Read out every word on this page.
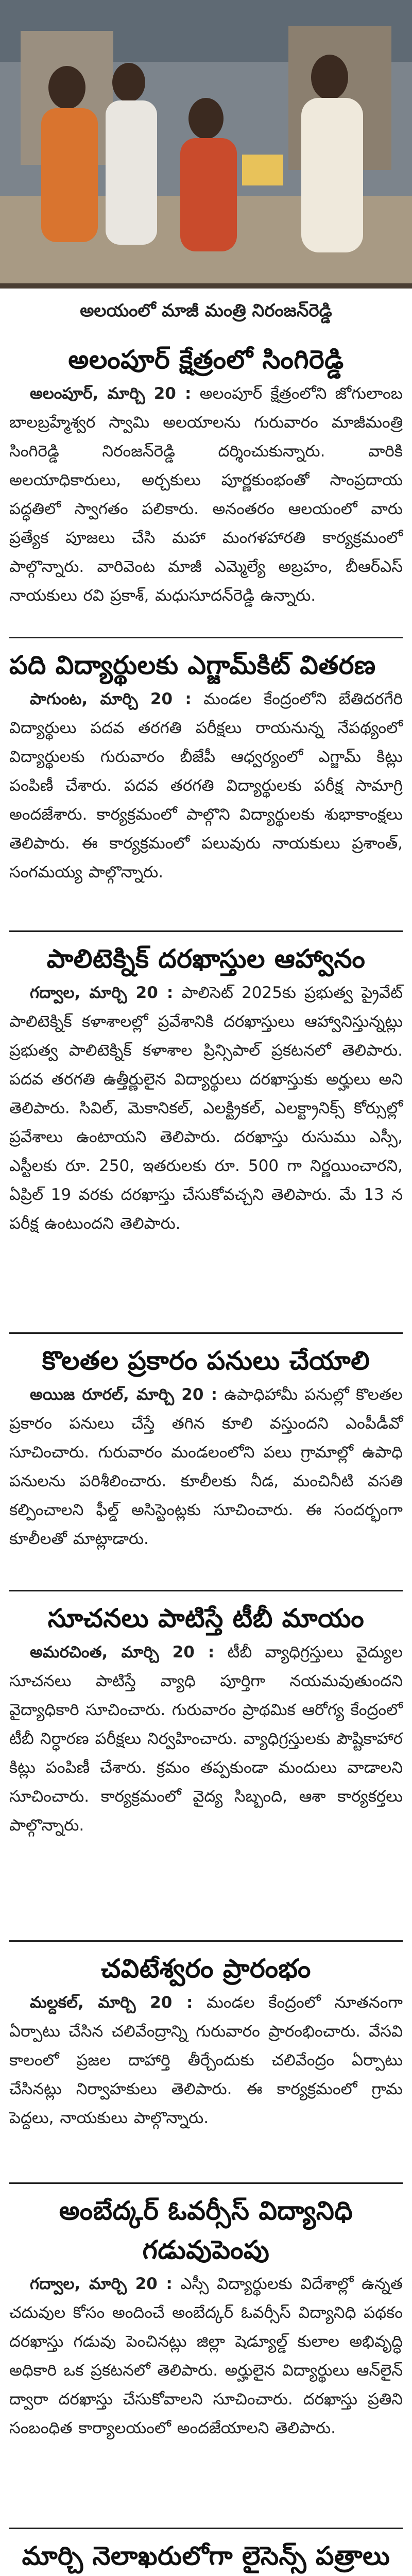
అలయంలో మాజీ మంత్రి నిరంజన్‌రెడ్డి
అలంపూర్ క్షేత్రంలో సింగిరెడ్డి

అలంపూర్, మార్చి 20 : అలంపూర్ క్షేత్రంలోని జోగులాంబ బాలబ్రహ్మేశ్వర స్వామి అలయాలను గురువారం మాజీమంత్రి సింగిరెడ్డి నిరంజన్‌రెడ్డి దర్శించుకున్నారు. వారికి అలయాధికారులు, అర్చకులు పూర్ణకుంభంతో సాంప్రదాయ పద్ధతిలో స్వాగతం పలికారు. అనంతరం ఆలయంలో వారు ప్రత్యేక పూజలు చేసి మహా మంగళహారతి కార్యక్రమంలో పాల్గొన్నారు. వారివెంట మాజీ ఎమ్మెల్యే అబ్రహం, బీఆర్‌ఎస్ నాయకులు రవి ప్రకాశ్, మధుసూదన్‌రెడ్డి ఉన్నారు.

పది విద్యార్థులకు ఎగ్జామ్‌కిట్ వితరణ

పాగుంట, మార్చి 20 : మండల కేంద్రంలోని బేతిదరగేరి విద్యార్థులు పదవ తరగతి పరీక్షలు రాయనున్న నేపథ్యంలో విద్యార్థులకు గురువారం బీజేపీ ఆధ్వర్యంలో ఎగ్జామ్ కిట్లు పంపిణీ చేశారు. పదవ తరగతి విద్యార్థులకు పరీక్ష సామాగ్రి అందజేశారు. కార్యక్రమంలో పాల్గొని విద్యార్థులకు శుభాకాంక్షలు తెలిపారు. ఈ కార్యక్రమంలో పలువురు నాయకులు ప్రశాంత్, సంగమయ్య పాల్గొన్నారు.

పాలిటెక్నిక్ దరఖాస్తుల ఆహ్వానం

గద్వాల, మార్చి 20 : పాలిసెట్ 2025కు ప్రభుత్వ ప్రైవేట్ పాలిటెక్నిక్ కళాశాలల్లో ప్రవేశానికి దరఖాస్తులు ఆహ్వానిస్తున్నట్లు ప్రభుత్వ పాలిటెక్నిక్ కళాశాల ప్రిన్సిపాల్ ప్రకటనలో తెలిపారు. పదవ తరగతి ఉత్తీర్ణులైన విద్యార్థులు దరఖాస్తుకు అర్హులు అని తెలిపారు. సివిల్, మెకానికల్, ఎలక్ట్రికల్, ఎలక్ట్రానిక్స్ కోర్సుల్లో ప్రవేశాలు ఉంటాయని తెలిపారు. దరఖాస్తు రుసుము ఎస్సీ, ఎస్టీలకు రూ. 250, ఇతరులకు రూ. 500 గా నిర్ణయించారని, ఏప్రిల్ 19 వరకు దరఖాస్తు చేసుకోవచ్చని తెలిపారు. మే 13 న పరీక్ష ఉంటుందని తెలిపారు.

కొలతల ప్రకారం పనులు చేయాలి

అయిజ రూరల్, మార్చి 20 : ఉపాధిహామీ పనుల్లో కొలతల ప్రకారం పనులు చేస్తే తగిన కూలి వస్తుందని ఎంపీడీవో సూచించారు. గురువారం మండలంలోని పలు గ్రామాల్లో ఉపాధి పనులను పరిశీలించారు. కూలీలకు నీడ, మంచినీటి వసతి కల్పించాలని ఫీల్డ్ అసిస్టెంట్లకు సూచించారు. ఈ సందర్భంగా కూలీలతో మాట్లాడారు.

సూచనలు పాటిస్తే టీబీ మాయం

అమరచింత, మార్చి 20 : టీబీ వ్యాధిగ్రస్తులు వైద్యుల సూచనలు పాటిస్తే వ్యాధి పూర్తిగా నయమవుతుందని వైద్యాధికారి సూచించారు. గురువారం ప్రాథమిక ఆరోగ్య కేంద్రంలో టీబీ నిర్ధారణ పరీక్షలు నిర్వహించారు. వ్యాధిగ్రస్తులకు పౌష్టికాహార కిట్లు పంపిణీ చేశారు. క్రమం తప్పకుండా మందులు వాడాలని సూచించారు. కార్యక్రమంలో వైద్య సిబ్బంది, ఆశా కార్యకర్తలు పాల్గొన్నారు.

చవిటేశ్వరం ప్రారంభం

మల్దకల్, మార్చి 20 : మండల కేంద్రంలో నూతనంగా ఏర్పాటు చేసిన చలివేంద్రాన్ని గురువారం ప్రారంభించారు. వేసవి కాలంలో ప్రజల దాహార్తి తీర్చేందుకు చలివేంద్రం ఏర్పాటు చేసినట్లు నిర్వాహకులు తెలిపారు. ఈ కార్యక్రమంలో గ్రామ పెద్దలు, నాయకులు పాల్గొన్నారు.

అంబేద్కర్ ఓవర్సీస్ విద్యానిధి గడువుపెంపు

గద్వాల, మార్చి 20 : ఎస్సీ విద్యార్థులకు విదేశాల్లో ఉన్నత చదువుల కోసం అందించే అంబేద్కర్ ఓవర్సీస్ విద్యానిధి పథకం దరఖాస్తు గడువు పెంచినట్లు జిల్లా షెడ్యూల్డ్ కులాల అభివృద్ధి అధికారి ఒక ప్రకటనలో తెలిపారు. అర్హులైన విద్యార్థులు ఆన్‌లైన్ ద్వారా దరఖాస్తు చేసుకోవాలని సూచించారు. దరఖాస్తు ప్రతిని సంబంధిత కార్యాలయంలో అందజేయాలని తెలిపారు.

మార్చి నెలాఖరులోగా లైసెన్స్ పత్రాలు
